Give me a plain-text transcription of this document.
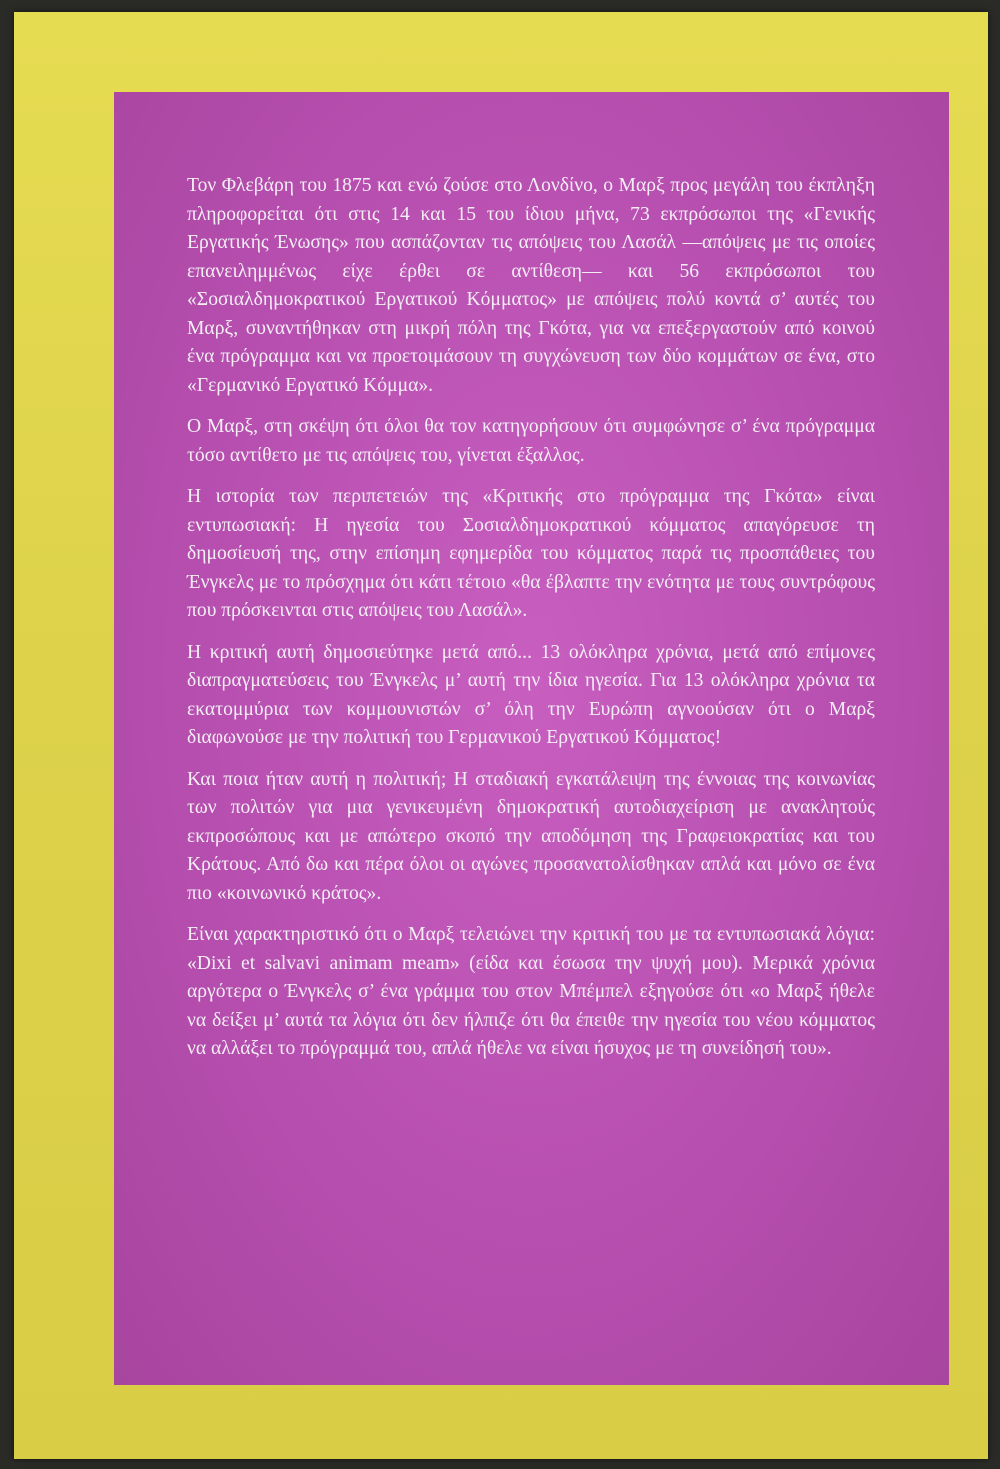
Τον Φλεβάρη του 1875 και ενώ ζούσε στο Λονδίνο, ο Μαρξ προς μεγάλη του έκπληξη πληροφορείται ότι στις 14 και 15 του ίδιου μήνα, 73 εκπρόσωποι της «Γενικής Εργατικής Ένωσης» που ασπάζονταν τις απόψεις του Λασάλ —απόψεις με τις οποίες επανειλημμένως είχε έρθει σε αντίθεση— και 56 εκπρόσωποι του «Σοσιαλδημοκρατικού Εργατικού Κόμματος» με απόψεις πολύ κοντά σ’ αυτές του Μαρξ, συναντήθηκαν στη μικρή πόλη της Γκότα, για να επεξεργαστούν από κοινού ένα πρόγραμμα και να προετοιμάσουν τη συγχώνευση των δύο κομμάτων σε ένα, στο «Γερμανικό Εργατικό Κόμμα».

Ο Μαρξ, στη σκέψη ότι όλοι θα τον κατηγορήσουν ότι συμφώνησε σ’ ένα πρόγραμμα τόσο αντίθετο με τις απόψεις του, γίνεται έξαλλος.

Η ιστορία των περιπετειών της «Κριτικής στο πρόγραμμα της Γκότα» είναι εντυπωσιακή: Η ηγεσία του Σοσιαλδημοκρατικού κόμματος απαγόρευσε τη δημοσίευσή της, στην επίσημη εφημερίδα του κόμματος παρά τις προσπάθειες του Ένγκελς με το πρόσχημα ότι κάτι τέτοιο «θα έβλαπτε την ενότητα με τους συντρόφους που πρόσκεινται στις απόψεις του Λασάλ».

Η κριτική αυτή δημοσιεύτηκε μετά από... 13 ολόκληρα χρόνια, μετά από επίμονες διαπραγματεύσεις του Ένγκελς μ’ αυτή την ίδια ηγεσία. Για 13 ολόκληρα χρόνια τα εκατομμύρια των κομμουνιστών σ’ όλη την Ευρώπη αγνοούσαν ότι ο Μαρξ διαφωνούσε με την πολιτική του Γερμανικού Εργατικού Κόμματος!

Και ποια ήταν αυτή η πολιτική; Η σταδιακή εγκατάλειψη της έννοιας της κοινωνίας των πολιτών για μια γενικευμένη δημοκρατική αυτοδιαχείριση με ανακλητούς εκπροσώπους και με απώτερο σκοπό την αποδόμηση της Γραφειοκρατίας και του Κράτους. Από δω και πέρα όλοι οι αγώνες προσανατολίσθηκαν απλά και μόνο σε ένα πιο «κοινωνικό κράτος».

Είναι χαρακτηριστικό ότι ο Μαρξ τελειώνει την κριτική του με τα εντυπωσιακά λόγια: «Dixi et salvavi animam meam» (είδα και έσωσα την ψυχή μου). Μερικά χρόνια αργότερα ο Ένγκελς σ’ ένα γράμμα του στον Μπέμπελ εξηγούσε ότι «ο Μαρξ ήθελε να δείξει μ’ αυτά τα λόγια ότι δεν ήλπιζε ότι θα έπειθε την ηγεσία του νέου κόμματος να αλλάξει το πρόγραμμά του, απλά ήθελε να είναι ήσυχος με τη συνείδησή του».
